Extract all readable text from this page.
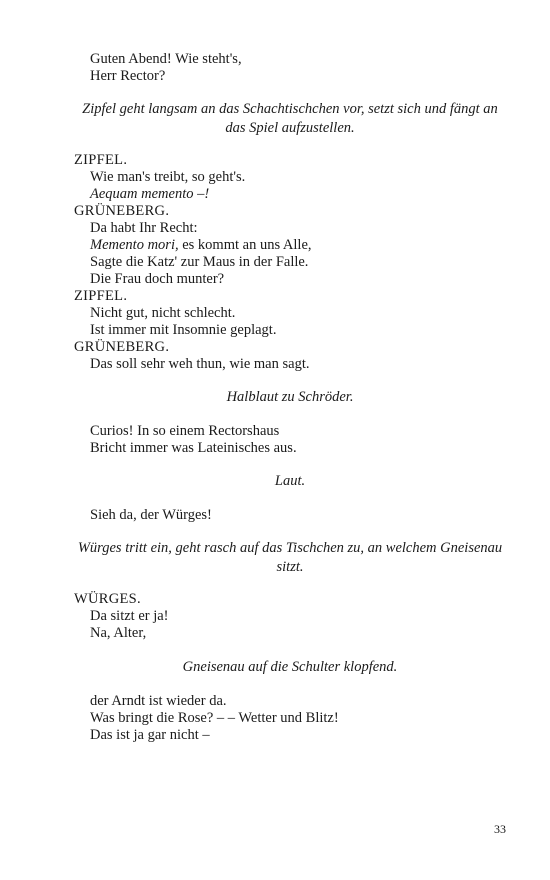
Guten Abend! Wie steht's,
Herr Rector?
Zipfel geht langsam an das Schachtischchen vor, setzt sich und fängt an
das Spiel aufzustellen.
ZIPFEL.
Wie man's treibt, so geht's.
Aequam memento –!
GRÜNEBERG.
Da habt Ihr Recht:
Memento mori, es kommt an uns Alle,
Sagte die Katz' zur Maus in der Falle.
Die Frau doch munter?
ZIPFEL.
Nicht gut, nicht schlecht.
Ist immer mit Insomnie geplagt.
GRÜNEBERG.
Das soll sehr weh thun, wie man sagt.
Halblaut zu Schröder.
Curios! In so einem Rectorshaus
Bricht immer was Lateinisches aus.
Laut.
Sieh da, der Würges!
Würges tritt ein, geht rasch auf das Tischchen zu, an welchem Gneisenau
sitzt.
WÜRGES.
Da sitzt er ja!
Na, Alter,
Gneisenau auf die Schulter klopfend.
der Arndt ist wieder da.
Was bringt die Rose? – – Wetter und Blitz!
Das ist ja gar nicht –
33
